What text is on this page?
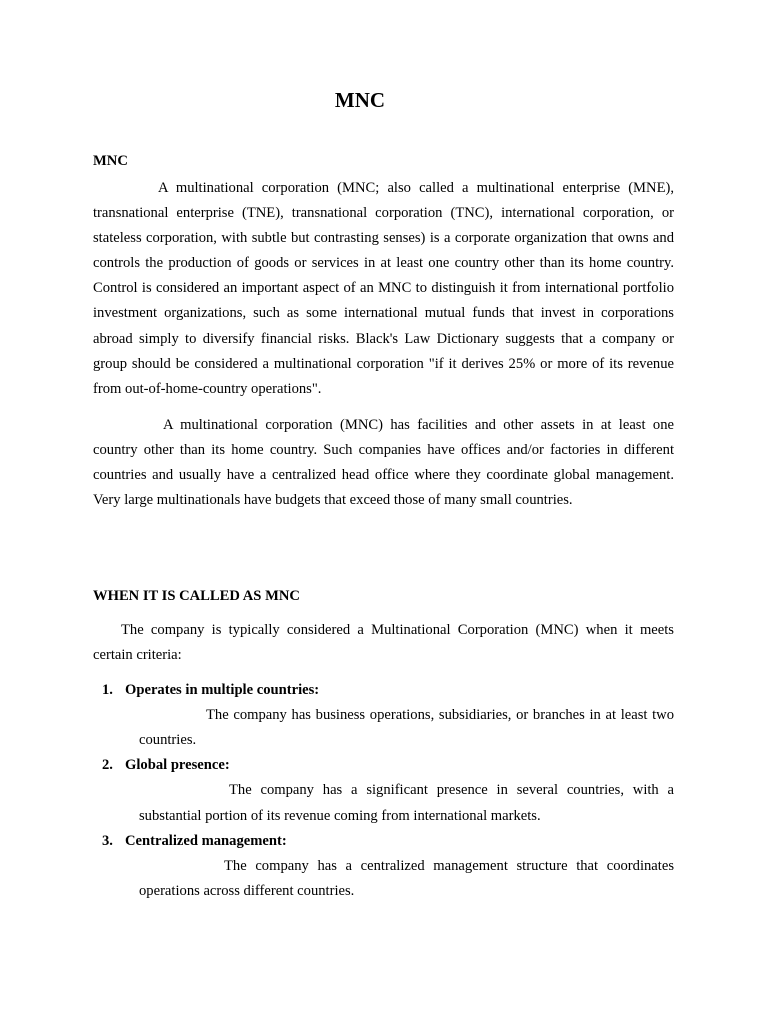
MNC
MNC

A multinational corporation (MNC; also called a multinational enterprise (MNE), transnational enterprise (TNE), transnational corporation (TNC), international corporation, or stateless corporation, with subtle but contrasting senses) is a corporate organization that owns and controls the production of goods or services in at least one country other than its home country. Control is considered an important aspect of an MNC to distinguish it from international portfolio investment organizations, such as some international mutual funds that invest in corporations abroad simply to diversify financial risks. Black's Law Dictionary suggests that a company or group should be considered a multinational corporation "if it derives 25% or more of its revenue from out-of-home-country operations".

A multinational corporation (MNC) has facilities and other assets in at least one country other than its home country. Such companies have offices and/or factories in different countries and usually have a centralized head office where they coordinate global management. Very large multinationals have budgets that exceed those of many small countries.

WHEN IT IS CALLED AS MNC

The company is typically considered a Multinational Corporation (MNC) when it meets certain criteria:

1. Operates in multiple countries:
The company has business operations, subsidiaries, or branches in at least two countries.
2. Global presence:
The company has a significant presence in several countries, with a substantial portion of its revenue coming from international markets.
3. Centralized management:
The company has a centralized management structure that coordinates operations across different countries.
